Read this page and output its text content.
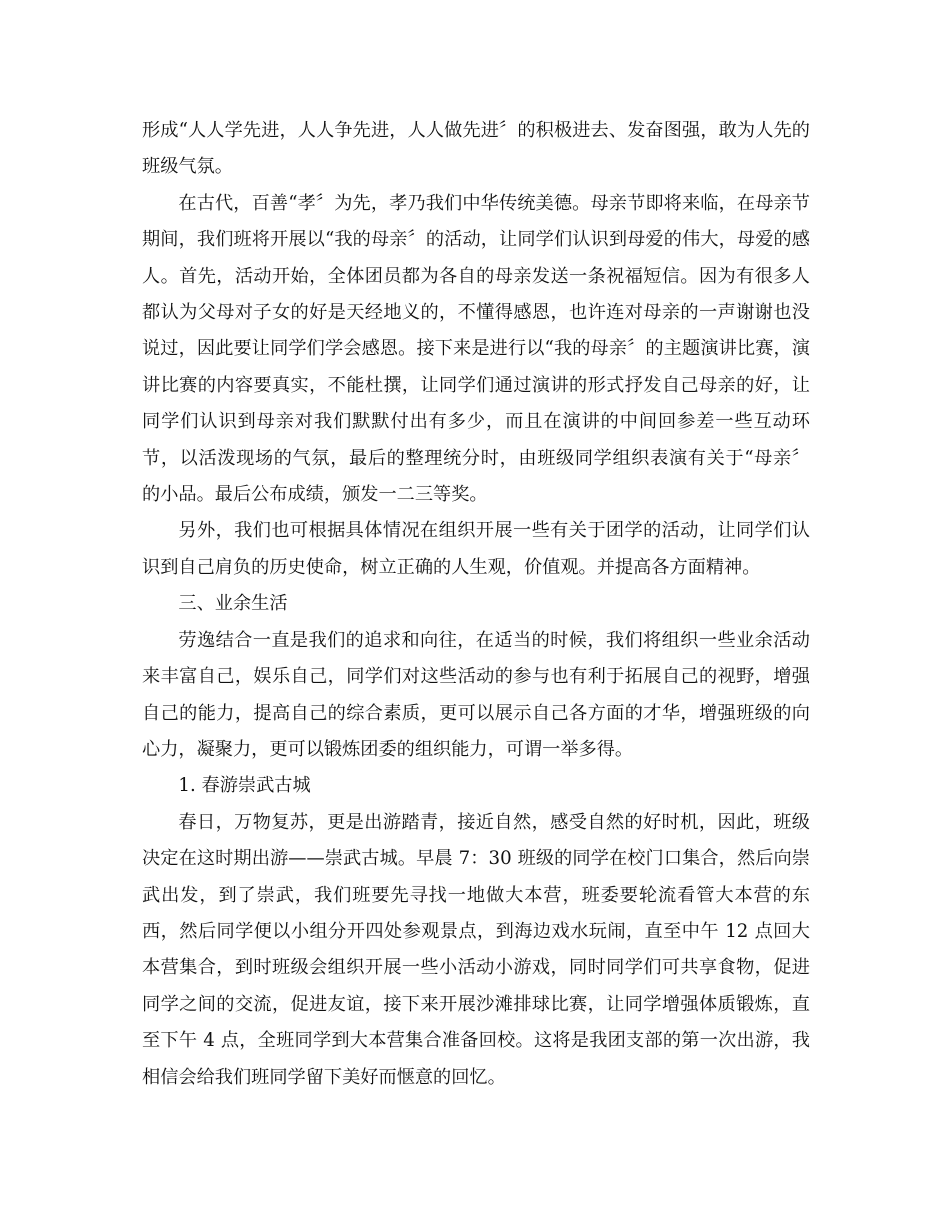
形成“人人学先进，人人争先进，人人做先进〞的积极进去、发奋图强，敢为人先的班级气氛。

在古代，百善“孝〞为先，孝乃我们中华传统美德。母亲节即将来临，在母亲节期间，我们班将开展以“我的母亲〞的活动，让同学们认识到母爱的伟大，母爱的感人。首先，活动开始，全体团员都为各自的母亲发送一条祝福短信。因为有很多人都认为父母对子女的好是天经地义的，不懂得感恩，也许连对母亲的一声谢谢也没说过，因此要让同学们学会感恩。接下来是进行以“我的母亲〞的主题演讲比赛，演讲比赛的内容要真实，不能杜撰，让同学们通过演讲的形式抒发自己母亲的好，让同学们认识到母亲对我们默默付出有多少，而且在演讲的中间回参差一些互动环节，以活泼现场的气氛，最后的整理统分时，由班级同学组织表演有关于“母亲〞 的小品。最后公布成绩，颁发一二三等奖。

另外，我们也可根据具体情况在组织开展一些有关于团学的活动，让同学们认识到自己肩负的历史使命，树立正确的人生观，价值观。并提高各方面精神。

三、业余生活

劳逸结合一直是我们的追求和向往，在适当的时候，我们将组织一些业余活动来丰富自己，娱乐自己，同学们对这些活动的参与也有利于拓展自己的视野，增强自己的能力，提高自己的综合素质，更可以展示自己各方面的才华，增强班级的向心力，凝聚力，更可以锻炼团委的组织能力，可谓一举多得。

1. 春游崇武古城

春日，万物复苏，更是出游踏青，接近自然，感受自然的好时机，因此，班级决定在这时期出游——崇武古城。早晨 7：30 班级的同学在校门口集合，然后向崇武出发，到了崇武，我们班要先寻找一地做大本营，班委要轮流看管大本营的东西，然后同学便以小组分开四处参观景点，到海边戏水玩闹，直至中午 12 点回大本营集合，到时班级会组织开展一些小活动小游戏，同时同学们可共享食物，促进同学之间的交流，促进友谊，接下来开展沙滩排球比赛，让同学增强体质锻炼，直至下午 4 点，全班同学到大本营集合准备回校。这将是我团支部的第一次出游，我相信会给我们班同学留下美好而惬意的回忆。
